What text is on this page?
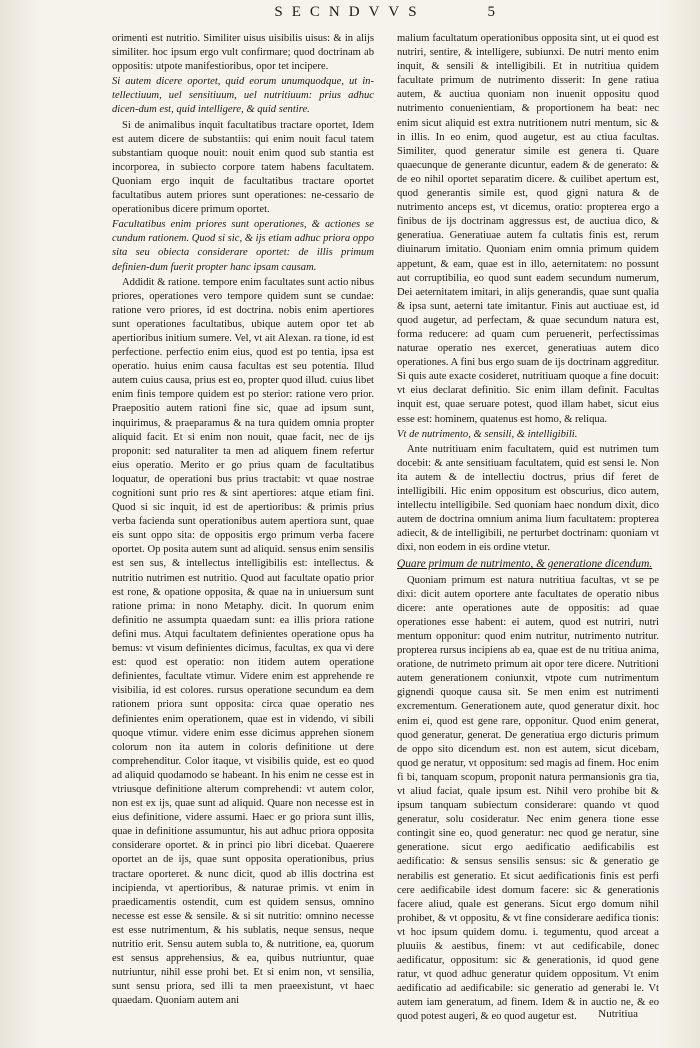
SECNDVVS	5

orimenti est nutritio. Similiter uisus uisibilis uisus: & in alijs similiter. hoc ipsum ergo vult confirmare; quod doctrinam ab oppositis: utpote manifestioribus, opor tet incipere.

Si autem dicere oportet, quid eorum unumquodque, ut in-tellectiuum, uel sensitiuum, uel nutritiuum: prius adhuc dicen-dum est, quid intelligere, & quid sentire.

Si de animalibus inquit facultatibus tractare oportet, Idem est autem dicere de substantiis: qui enim nouit facul tatem substantiam quoque nouit: nouit enim quod sub stantia est incorporea, in subiecto corpore tatem habens facultatem. Quoniam ergo inquit de facultatibus tractare oportet facultatibus autem priores sunt operationes: ne-cessario de operationibus dicere primum oportet.

Facultatibus enim priores sunt operationes, & actiones se cundum rationem. Quod si sic, & ijs etiam adhuc priora oppo sita seu obiecta considerare oportet: de illis primum definien-dum fuerit propter hanc ipsam causam.

Addidit & ratione. tempore enim facultates sunt actio nibus priores, operationes vero tempore quidem sunt se cundae: ratione vero priores, id est doctrina. nobis enim apertiores sunt operationes facultatibus, ubique autem opor tet ab apertioribus initium sumere. Vel, vt ait Alexan. ra tione, id est perfectione. perfectio enim eius, quod est po tentia, ipsa est operatio. huius enim causa facultas est seu potentia. Illud autem cuius causa, prius est eo, propter quod illud. cuius libet enim finis tempore quidem est po sterior: ratione vero prior. Praepositio autem rationi fine sic, quae ad ipsum sunt, inquirimus, & praeparamus & na tura quidem omnia propter aliquid facit. Et si enim non nouit, quae facit, nec de ijs proponit: sed naturaliter ta men ad aliquem finem refertur eius operatio. Merito er go prius quam de facultatibus loquatur, de operationi bus prius tractabit: vt quae nostrae cognitioni sunt prio res & sint apertiores: atque etiam fini. Quod si sic inquit, id est de apertioribus: & primis prius verba facienda sunt operationibus autem apertiora sunt, quae eis sunt oppo sita: de oppositis ergo primum verba facere oportet. Op posita autem sunt ad aliquid. sensus enim sensilis est sen sus, & intellectus intelligibilis est: intellectus. & nutritio nutrimen est nutritio. Quod aut facultate opatio prior est rone, & opatione opposita, & quae na in uniuersum sunt ratione prima: in nono Metaphy. dicit. In quorum enim definitio ne assumpta quaedam sunt: ea illis priora ratione defini mus. Atqui facultatem definientes operatione opus ha bemus: vt visum definientes dicimus, facultas, ex qua vi dere est: quod est operatio: non itidem autem operatione definientes, facultate vtimur. Videre enim est apprehende re visibilia, id est colores. rursus operatione secundum ea dem rationem priora sunt opposita: circa quae operatio nes definientes enim operationem, quae est in videndo, vi sibili quoque vtimur. videre enim esse dicimus apprehen sionem colorum non ita autem in coloris definitione ut dere comprehenditur. Color itaque, vt visibilis quide, est eo quod ad aliquid quodamodo se habeant. In his enim ne cesse est in vtriusque definitione alterum comprehendi: vt autem color, non est ex ijs, quae sunt ad aliquid. Quare non necesse est in eius definitione, videre assumi. Haec er go priora sunt illis, quae in definitione assumuntur, his aut adhuc priora opposita considerare oportet. & in princi pio libri dicebat. Quaerere oportet an de ijs, quae sunt opposita operationibus, prius tractare oporteret. & nunc dicit, quod ab illis doctrina est incipienda, vt apertioribus, & naturae primis. vt enim in praedicamentis ostendit, cum est quidem sensus, omnino necesse est esse & sensile. & si sit nutritio: omnino necesse est esse nutrimentum, & his sublatis, neque sensus, neque nutritio erit. Sensu autem subla to, & nutritione, ea, quorum est sensus apprehensius, & ea, quibus nutriuntur, quae nutriuntur, nihil esse prohi bet. Et si enim non, vt sensilia, sunt sensu priora, sed illi ta men praeexistunt, vt haec quaedam. Quoniam autem ani

malium facultatum operationibus opposita sint, ut ei quod est nutriri, sentire, & intelligere, subiunxi. De nutri mento enim inquit, & sensili & intelligibili. Et in nutritiua quidem facultate primum de nutrimento disserit: In gene ratiua autem, & auctiua quoniam non inuenit oppositu quod nutrimento conuenientiam, & proportionem ha beat: nec enim sicut aliquid est extra nutritionem nutri mentum, sic & in illis. In eo enim, quod augetur, est au ctiua facultas. Similiter, quod generatur simile est genera ti. Quare quaecunque de generante dicuntur, eadem & de generato: & de eo nihil oportet separatim dicere. & cuilibet apertum est, quod generantis simile est, quod gigni natura & de nutrimento anceps est, vt dicemus, oratio: propterea ergo a finibus de ijs doctrinam aggressus est, de auctiua dico, & generatiua. Generatiuae autem fa cultatis finis est, rerum diuinarum imitatio. Quoniam enim omnia primum quidem appetunt, & eam, quae est in illo, aeternitatem: no possunt aut corruptibilia, eo quod sunt eadem secundum numerum, Dei aeternitatem imitari, in alijs generandis, quae sunt qualia & ipsa sunt, aeterni tate imitantur. Finis aut auctiuae est, id quod augetur, ad perfectam, & quae secundum natura est, forma reducere: ad quam cum peruenerit, perfectissimas naturae operatio nes exercet, generatiuas autem dico operationes. A fini bus ergo suam de ijs doctrinam aggreditur. Si quis aute exacte cosideret, nutritiuam quoque a fine docuit: vt eius declarat definitio. Sic enim illam definit. Facultas inquit est, quae seruare potest, quod illam habet, sicut eius esse est: hominem, quatenus est homo, & reliqua.

Vt de nutrimento, & sensili, & intelligibili.

Ante nutritiuam enim facultatem, quid est nutrimen tum docebit: & ante sensitiuam facultatem, quid est sensi le. Non ita autem & de intellectiu doctrus, prius dif feret de intelligibili. Hic enim oppositum est obscurius, dico autem, intellectu intelligibile. Sed quoniam haec nondum dixit, dico autem de doctrina omnium anima lium facultatem: propterea adiecit, & de intelligibili, ne perturbet doctrinam: quoniam vt dixi, non eodem in eis ordine vtetur.

Quare primum de nutrimento, & generatione dicendum.

Quoniam primum est natura nutritiua facultas, vt se pe dixi: dicit autem oportere ante facultates de operatio nibus dicere: ante operationes aute de oppositis: ad quae operationes esse habent: ei autem, quod est nutriri, nutri mentum opponitur: quod enim nutritur, nutrimento nutritur. propterea rursus incipiens ab ea, quae est de nu tritiua anima, oratione, de nutrimeto primum ait opor tere dicere. Nutritioni autem generationem coniunxit, vtpote cum nutrimentum gignendi quoque causa sit. Se men enim est nutrimenti excrementum. Generationem aute, quod generatur dixit. hoc enim ei, quod est gene rare, opponitur. Quod enim generat, quod generatur, generat. De generatiua ergo dicturis primum de oppo sito dicendum est. non est autem, sicut dicebam, quod ge neratur, vt oppositum: sed magis ad finem. Hoc enim fi bi, tanquam scopum, proponit natura permansionis gra tia, vt aliud faciat, quale ipsum est. Nihil vero prohibe bit & ipsum tanquam subiectum considerare: quando vt quod generatur, solu cosideratur. Nec enim genera tione esse contingit sine eo, quod generatur: nec quod ge neratur, sine generatione. sicut ergo aedificatio aedificabilis est aedificatio: & sensus sensilis sensus: sic & generatio ge nerabilis est generatio. Et sicut aedificationis finis est perfi cere aedificabile idest domum facere: sic & generationis facere aliud, quale est generans. Sicut ergo domum nihil prohibet, & vt oppositu, & vt fine considerare aedifica tionis: vt hoc ipsum quidem domu. i. tegumentu, quod arceat a pluuiis & aestibus, finem: vt aut cedificabile, donec aedificatur, oppositum: sic & generationis, id quod gene ratur, vt quod adhuc generatur quidem oppositum. Vt enim aedificatio ad aedificabile: sic generatio ad generabi le. Vt autem iam generatum, ad finem. Idem & in auctio ne, & eo quod potest augeri, & eo quod augetur est.	Nutritiua
